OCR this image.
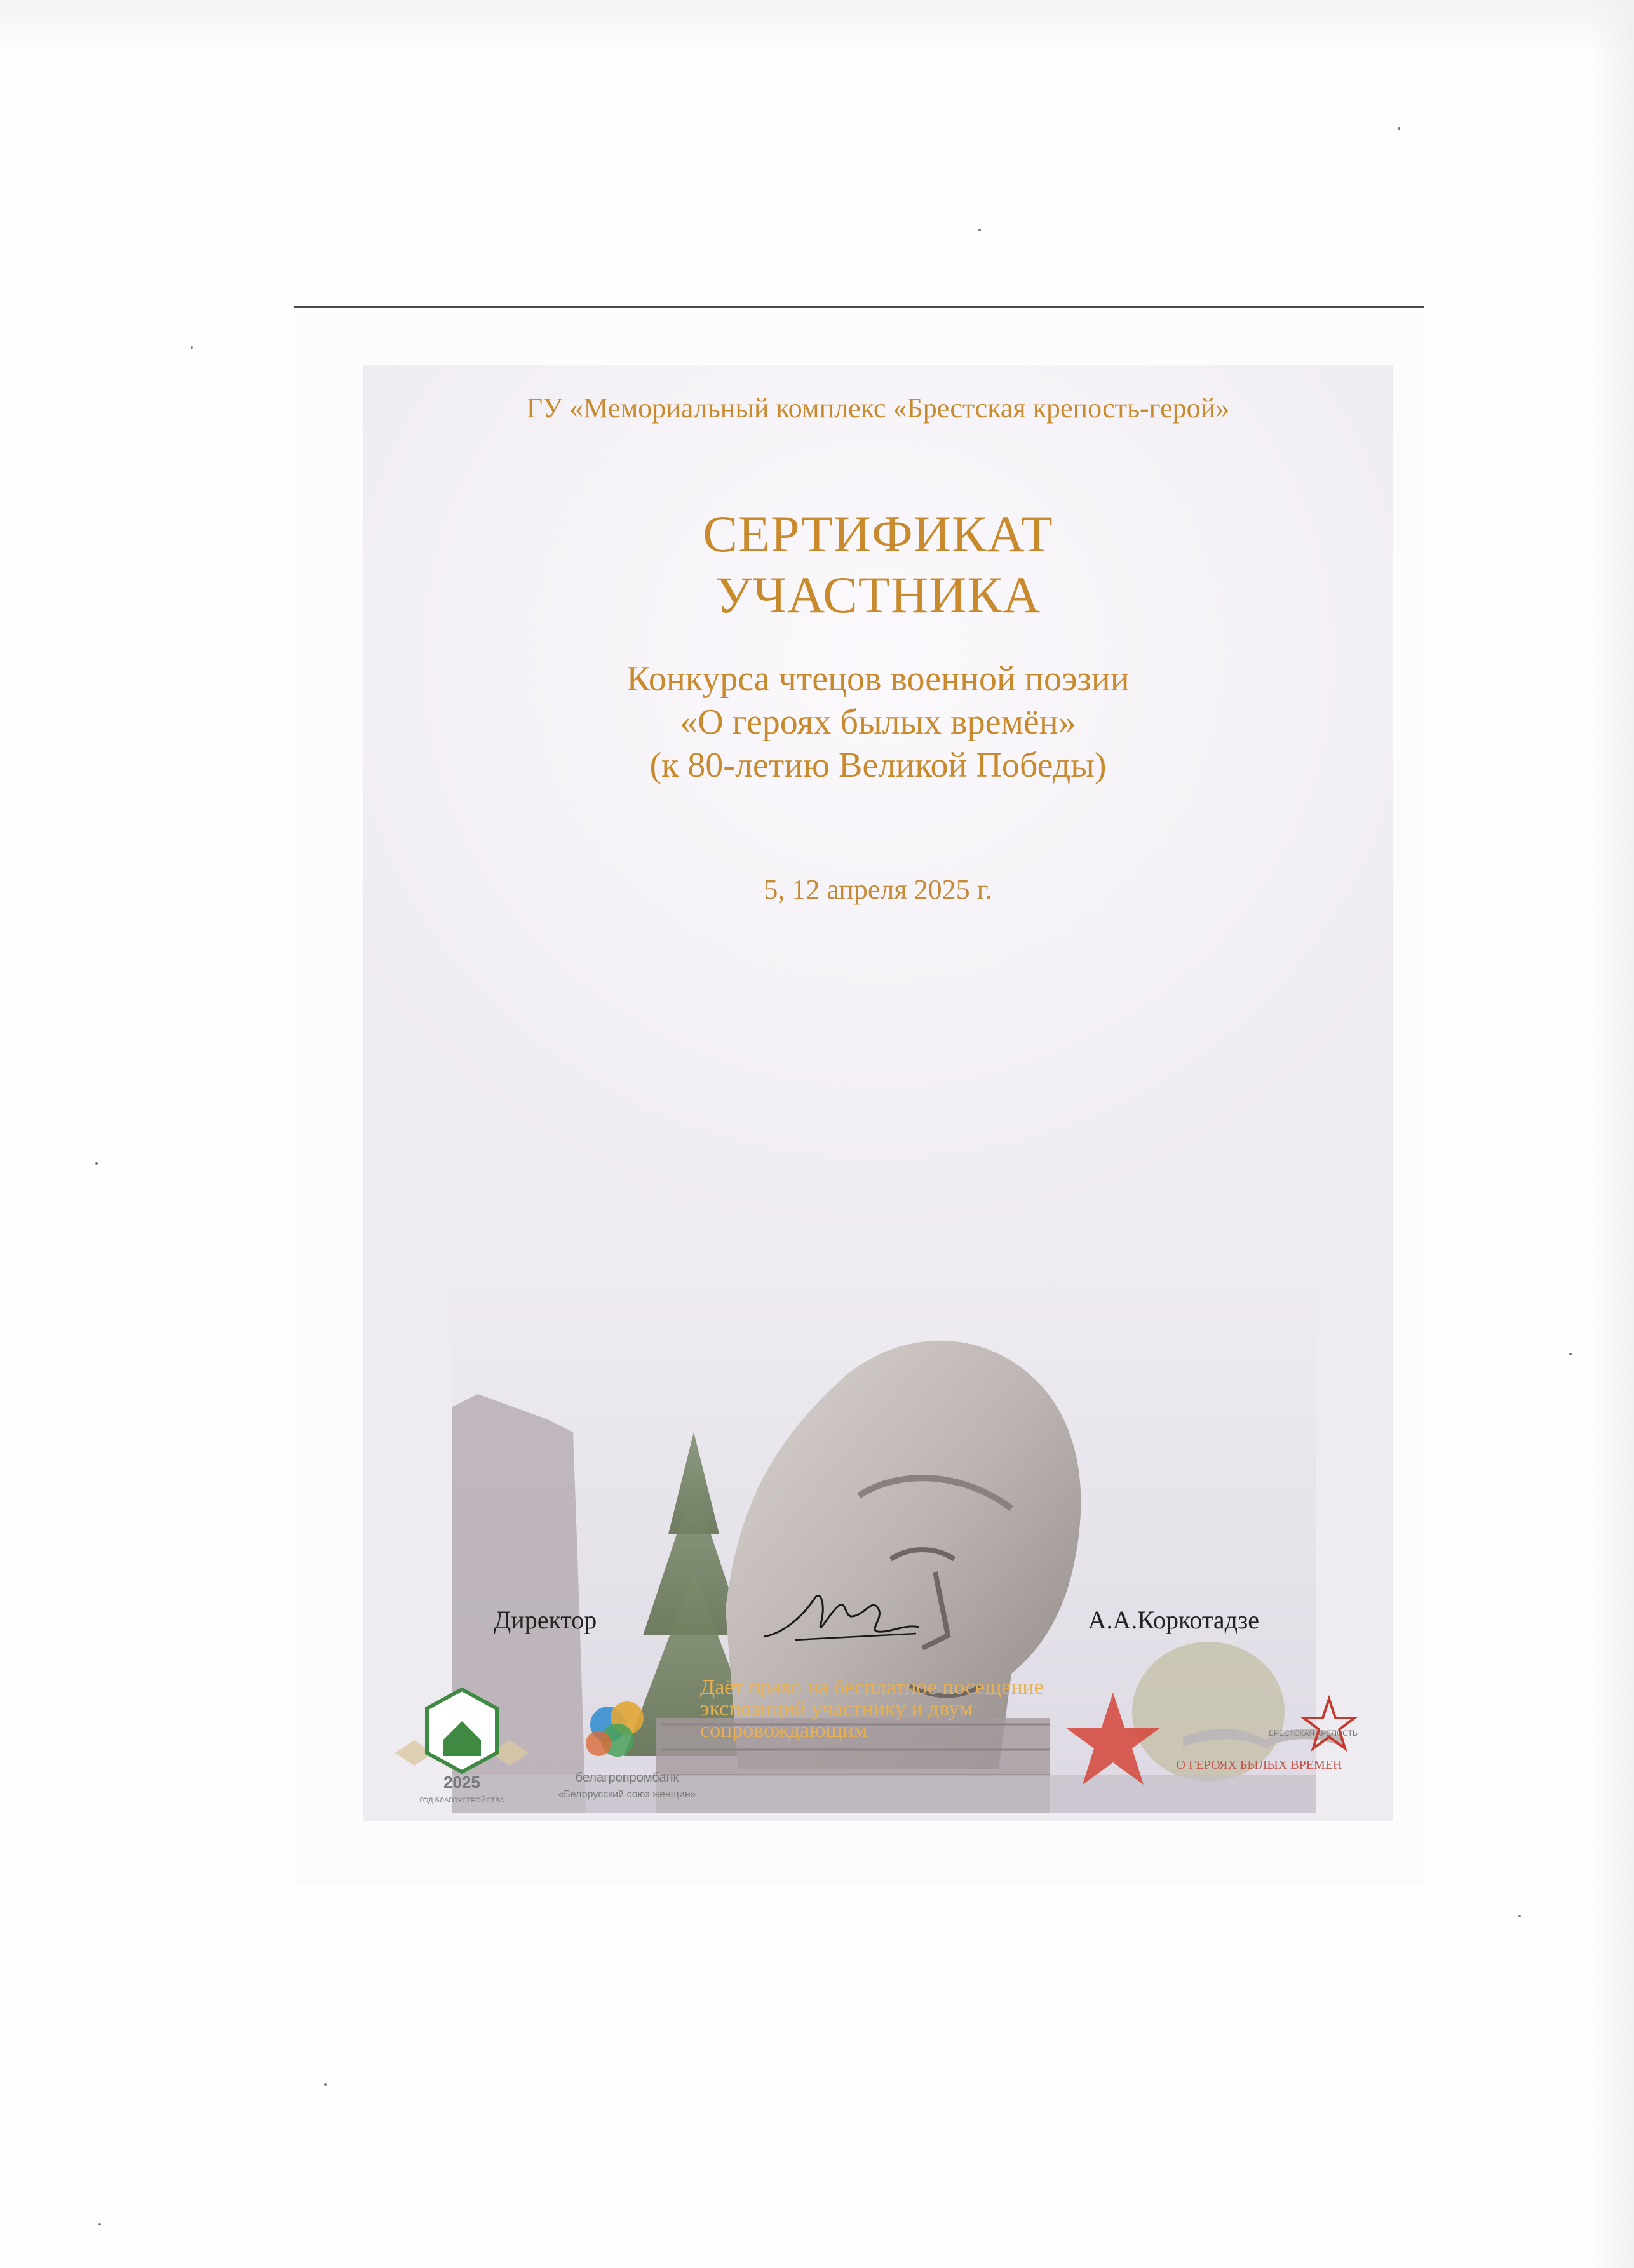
ГУ «Мемориальный комплекс «Брестская крепость-герой»

СЕРТИФИКАТ
УЧАСТНИКА
Конкурса чтецов военной поэзии
«О героях былых времён»
(к 80-летию Великой Победы)

5, 12 апреля 2025 г.

Директор	А.А.Коркотадзе
Даёт право на бесплатное посещение
экспозиций участнику и двум
сопровождающим
2025
ГОД БЛАГОУСТРОЙСТВА
белагропромбанк
«Белорусский союз женщин»
БРЕСТСКАЯ КРЕПОСТЬ
О ГЕРОЯХ БЫЛЫХ ВРЕМЕН
